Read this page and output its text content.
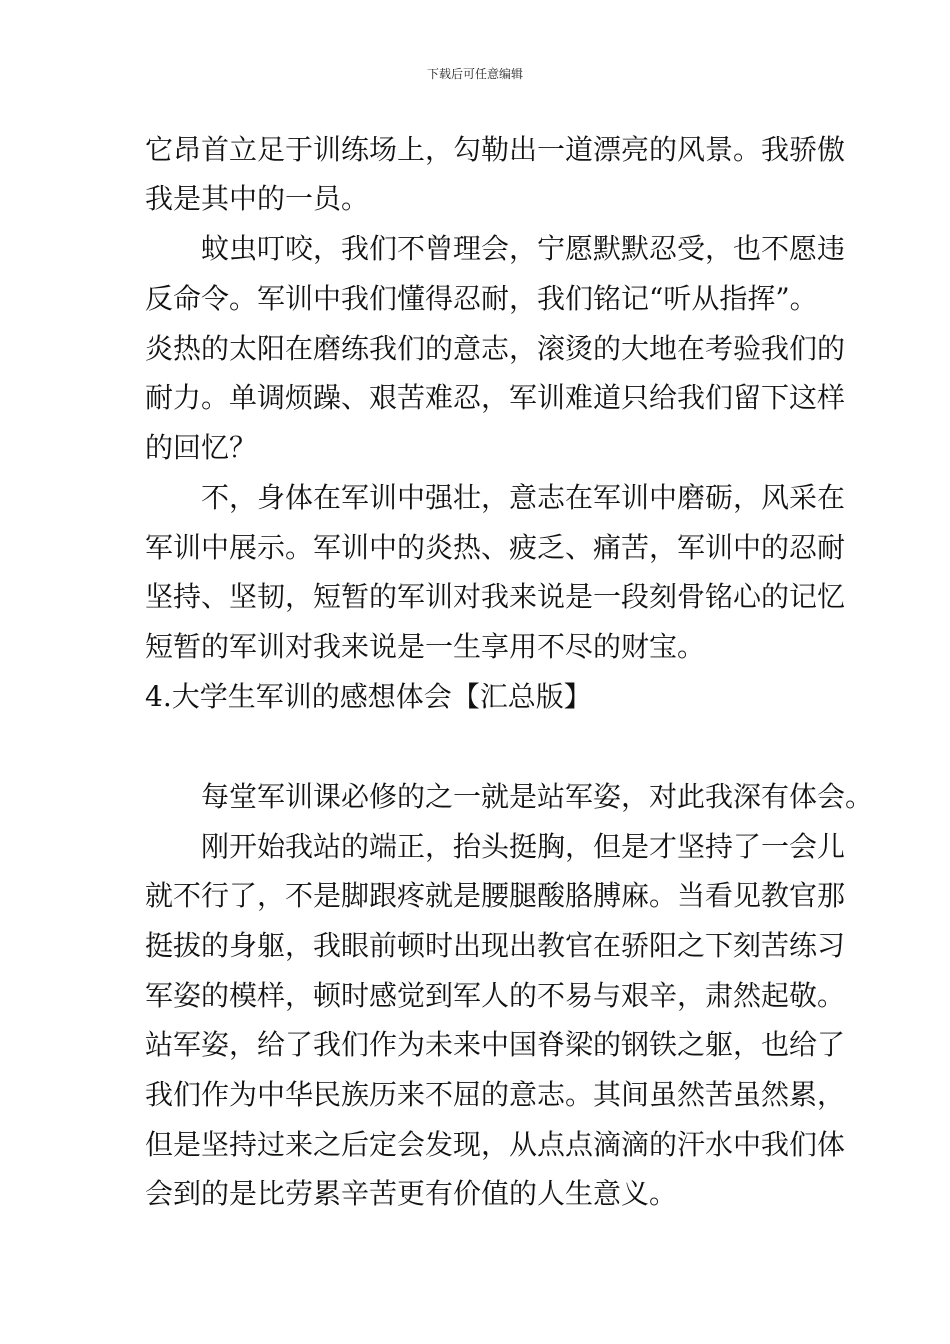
下载后可任意编辑
它昂首立足于训练场上，勾勒出一道漂亮的风景。我骄傲
我是其中的一员。
　　蚊虫叮咬，我们不曾理会，宁愿默默忍受，也不愿违
反命令。军训中我们懂得忍耐，我们铭记“听从指挥”。
炎热的太阳在磨练我们的意志，滚烫的大地在考验我们的
耐力。单调烦躁、艰苦难忍，军训难道只给我们留下这样
的回忆？
　　不，身体在军训中强壮，意志在军训中磨砺，风采在
军训中展示。军训中的炎热、疲乏、痛苦，军训中的忍耐
坚持、坚韧，短暂的军训对我来说是一段刻骨铭心的记忆
短暂的军训对我来说是一生享用不尽的财宝。
4.大学生军训的感想体会【汇总版】
　　每堂军训课必修的之一就是站军姿，对此我深有体会。
　　刚开始我站的端正，抬头挺胸，但是才坚持了一会儿
就不行了，不是脚跟疼就是腰腿酸胳膊麻。当看见教官那
挺拔的身躯，我眼前顿时出现出教官在骄阳之下刻苦练习
军姿的模样，顿时感觉到军人的不易与艰辛，肃然起敬。
站军姿，给了我们作为未来中国脊梁的钢铁之躯，也给了
我们作为中华民族历来不屈的意志。其间虽然苦虽然累，
但是坚持过来之后定会发现，从点点滴滴的汗水中我们体
会到的是比劳累辛苦更有价值的人生意义。
